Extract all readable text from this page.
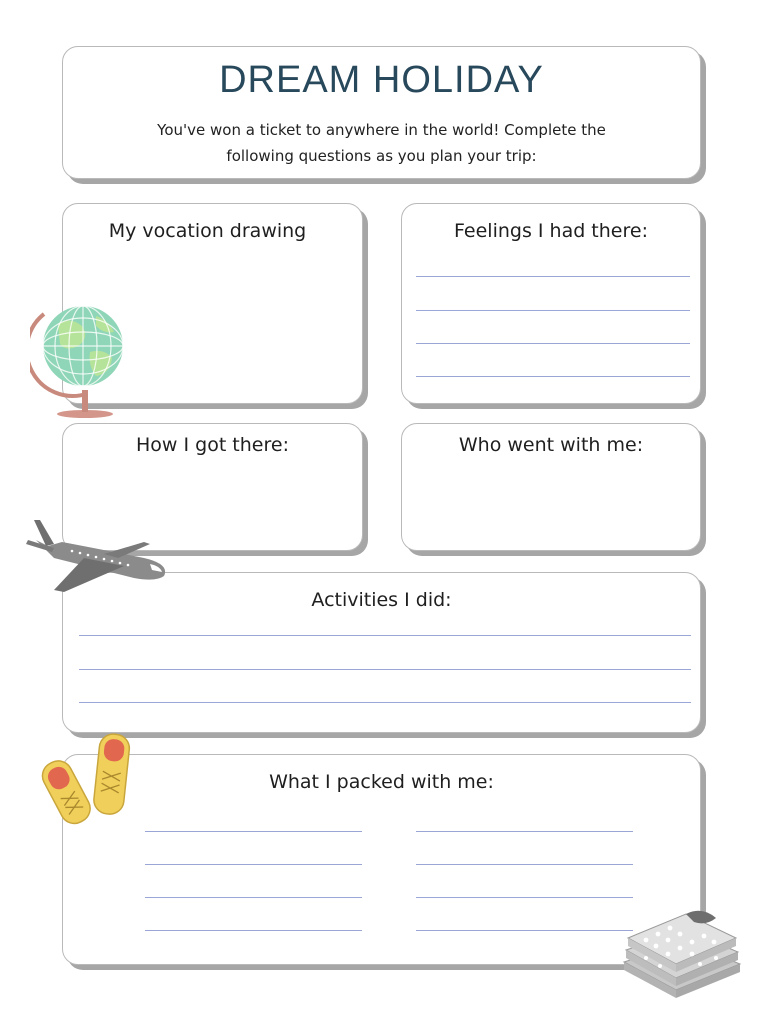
DREAM HOLIDAY
You've won a ticket to anywhere in the world! Complete the
following questions as you plan your trip:
My vocation drawing	Feelings I had there:
How I got there:	Who went with me:
Activities I did:
What I packed with me:
